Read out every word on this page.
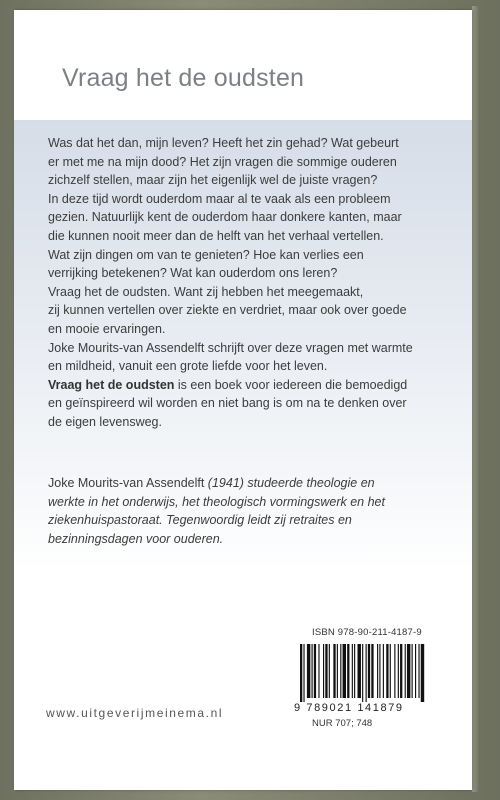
Vraag het de oudsten
Was dat het dan, mijn leven? Heeft het zin gehad? Wat gebeurt
er met me na mijn dood? Het zijn vragen die sommige ouderen
zichzelf stellen, maar zijn het eigenlijk wel de juiste vragen?
In deze tijd wordt ouderdom maar al te vaak als een probleem
gezien. Natuurlijk kent de ouderdom haar donkere kanten, maar
die kunnen nooit meer dan de helft van het verhaal vertellen.
Wat zijn dingen om van te genieten? Hoe kan verlies een
verrijking betekenen? Wat kan ouderdom ons leren?
Vraag het de oudsten. Want zij hebben het meegemaakt,
zij kunnen vertellen over ziekte en verdriet, maar ook over goede
en mooie ervaringen.
Joke Mourits-van Assendelft schrijft over deze vragen met warmte
en mildheid, vanuit een grote liefde voor het leven.
Vraag het de oudsten is een boek voor iedereen die bemoedigd
en geïnspireerd wil worden en niet bang is om na te denken over
de eigen levensweg.
Joke Mourits-van Assendelft (1941) studeerde theologie en
werkte in het onderwijs, het theologisch vormingswerk en het
ziekenhuispastoraat. Tegenwoordig leidt zij retraites en
bezinningsdagen voor ouderen.
ISBN 978-90-211-4187-9
9 789021 141879
NUR 707; 748
www.uitgeverijmeinema.nl
